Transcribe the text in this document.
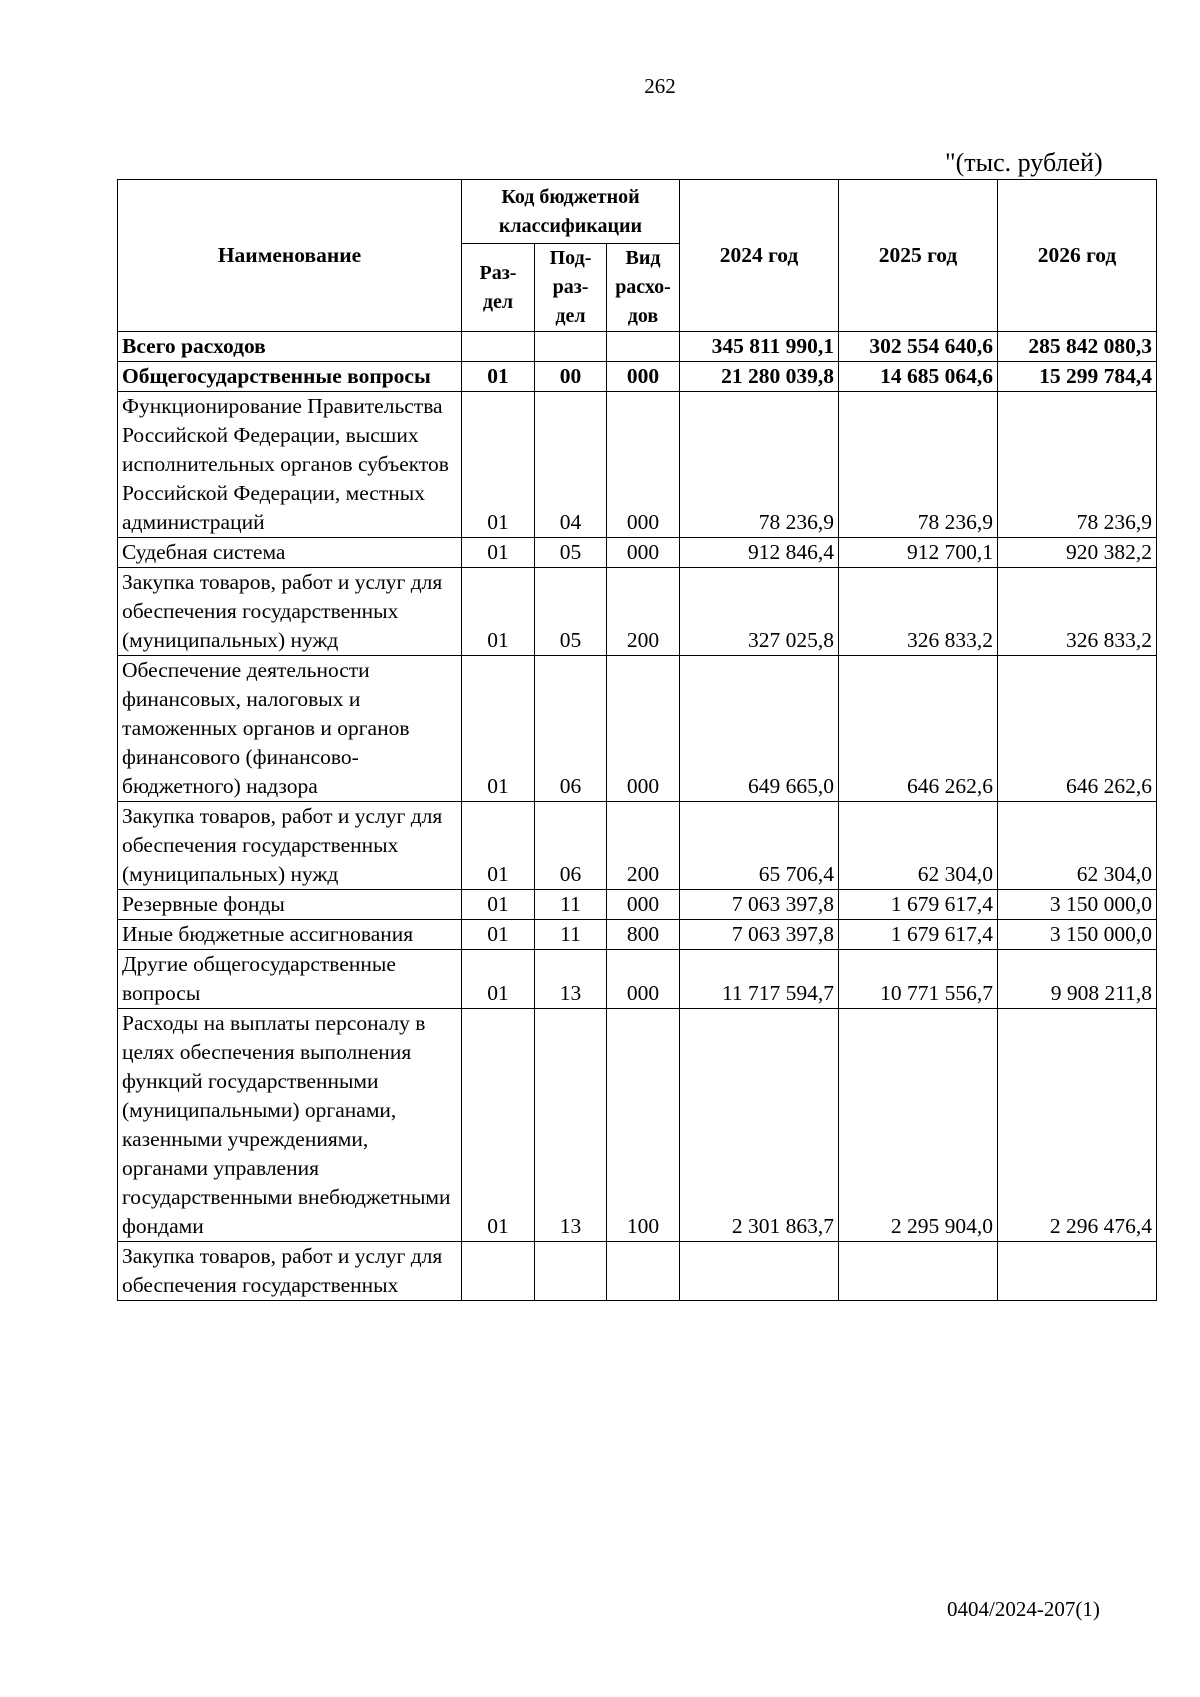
262
"(тыс. рублей)
Наименование	Код бюджетной классификации			2024 год	2025 год	2026 год
	Раз-дел	Под-раз-дел	Вид расхо-дов			
Всего расходов				345 811 990,1	302 554 640,6	285 842 080,3
Общегосударственные вопросы	01	00	000	21 280 039,8	14 685 064,6	15 299 784,4
Функционирование Правительства Российской Федерации, высших исполнительных органов субъектов Российской Федерации, местных администраций	01	04	000	78 236,9	78 236,9	78 236,9
Судебная система	01	05	000	912 846,4	912 700,1	920 382,2
Закупка товаров, работ и услуг для обеспечения государственных (муниципальных) нужд	01	05	200	327 025,8	326 833,2	326 833,2
Обеспечение деятельности финансовых, налоговых и таможенных органов и органов финансового (финансово-бюджетного) надзора	01	06	000	649 665,0	646 262,6	646 262,6
Закупка товаров, работ и услуг для обеспечения государственных (муниципальных) нужд	01	06	200	65 706,4	62 304,0	62 304,0
Резервные фонды	01	11	000	7 063 397,8	1 679 617,4	3 150 000,0
Иные бюджетные ассигнования	01	11	800	7 063 397,8	1 679 617,4	3 150 000,0
Другие общегосударственные вопросы	01	13	000	11 717 594,7	10 771 556,7	9 908 211,8
Расходы на выплаты персоналу в целях обеспечения выполнения функций государственными (муниципальными) органами, казенными учреждениями, органами управления государственными внебюджетными фондами	01	13	100	2 301 863,7	2 295 904,0	2 296 476,4
Закупка товаров, работ и услуг для обеспечения государственных						
0404/2024-207(1)
